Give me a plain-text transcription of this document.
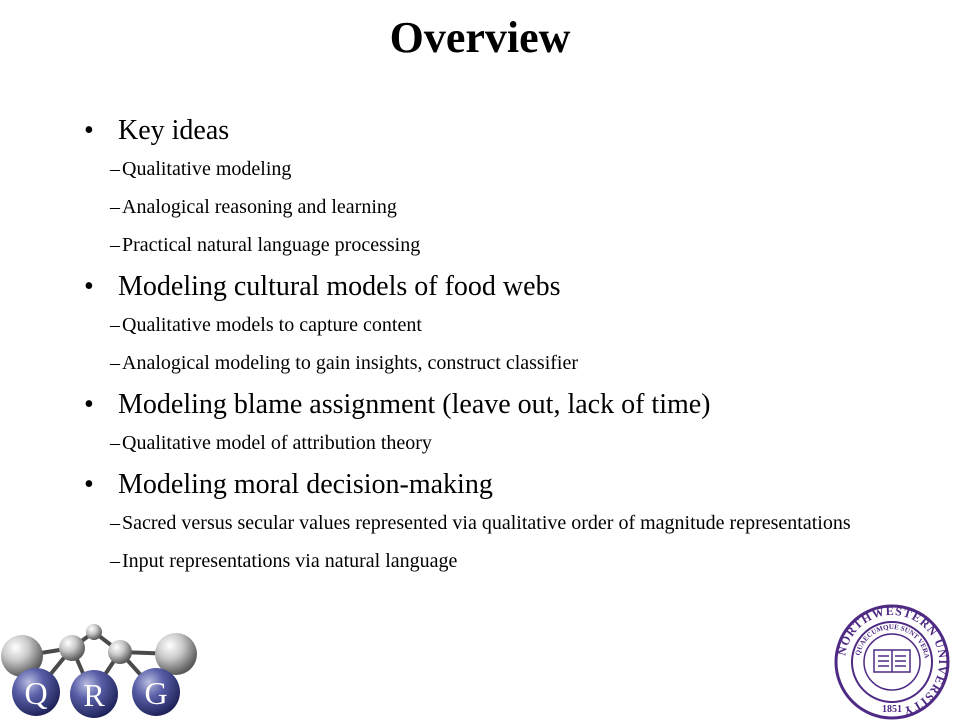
Overview
• Key ideas
– Qualitative modeling
– Analogical reasoning and learning
– Practical natural language processing
• Modeling cultural models of food webs
– Qualitative models to capture content
– Analogical modeling to gain insights, construct classifier
• Modeling blame assignment (leave out, lack of time)
– Qualitative model of attribution theory
• Modeling moral decision-making
– Sacred versus secular values represented via qualitative order of magnitude representations
– Input representations via natural language
Q R G
NORTHWESTERN UNIVERSITY
QUAECUMQUE SUNT VERA
1851
